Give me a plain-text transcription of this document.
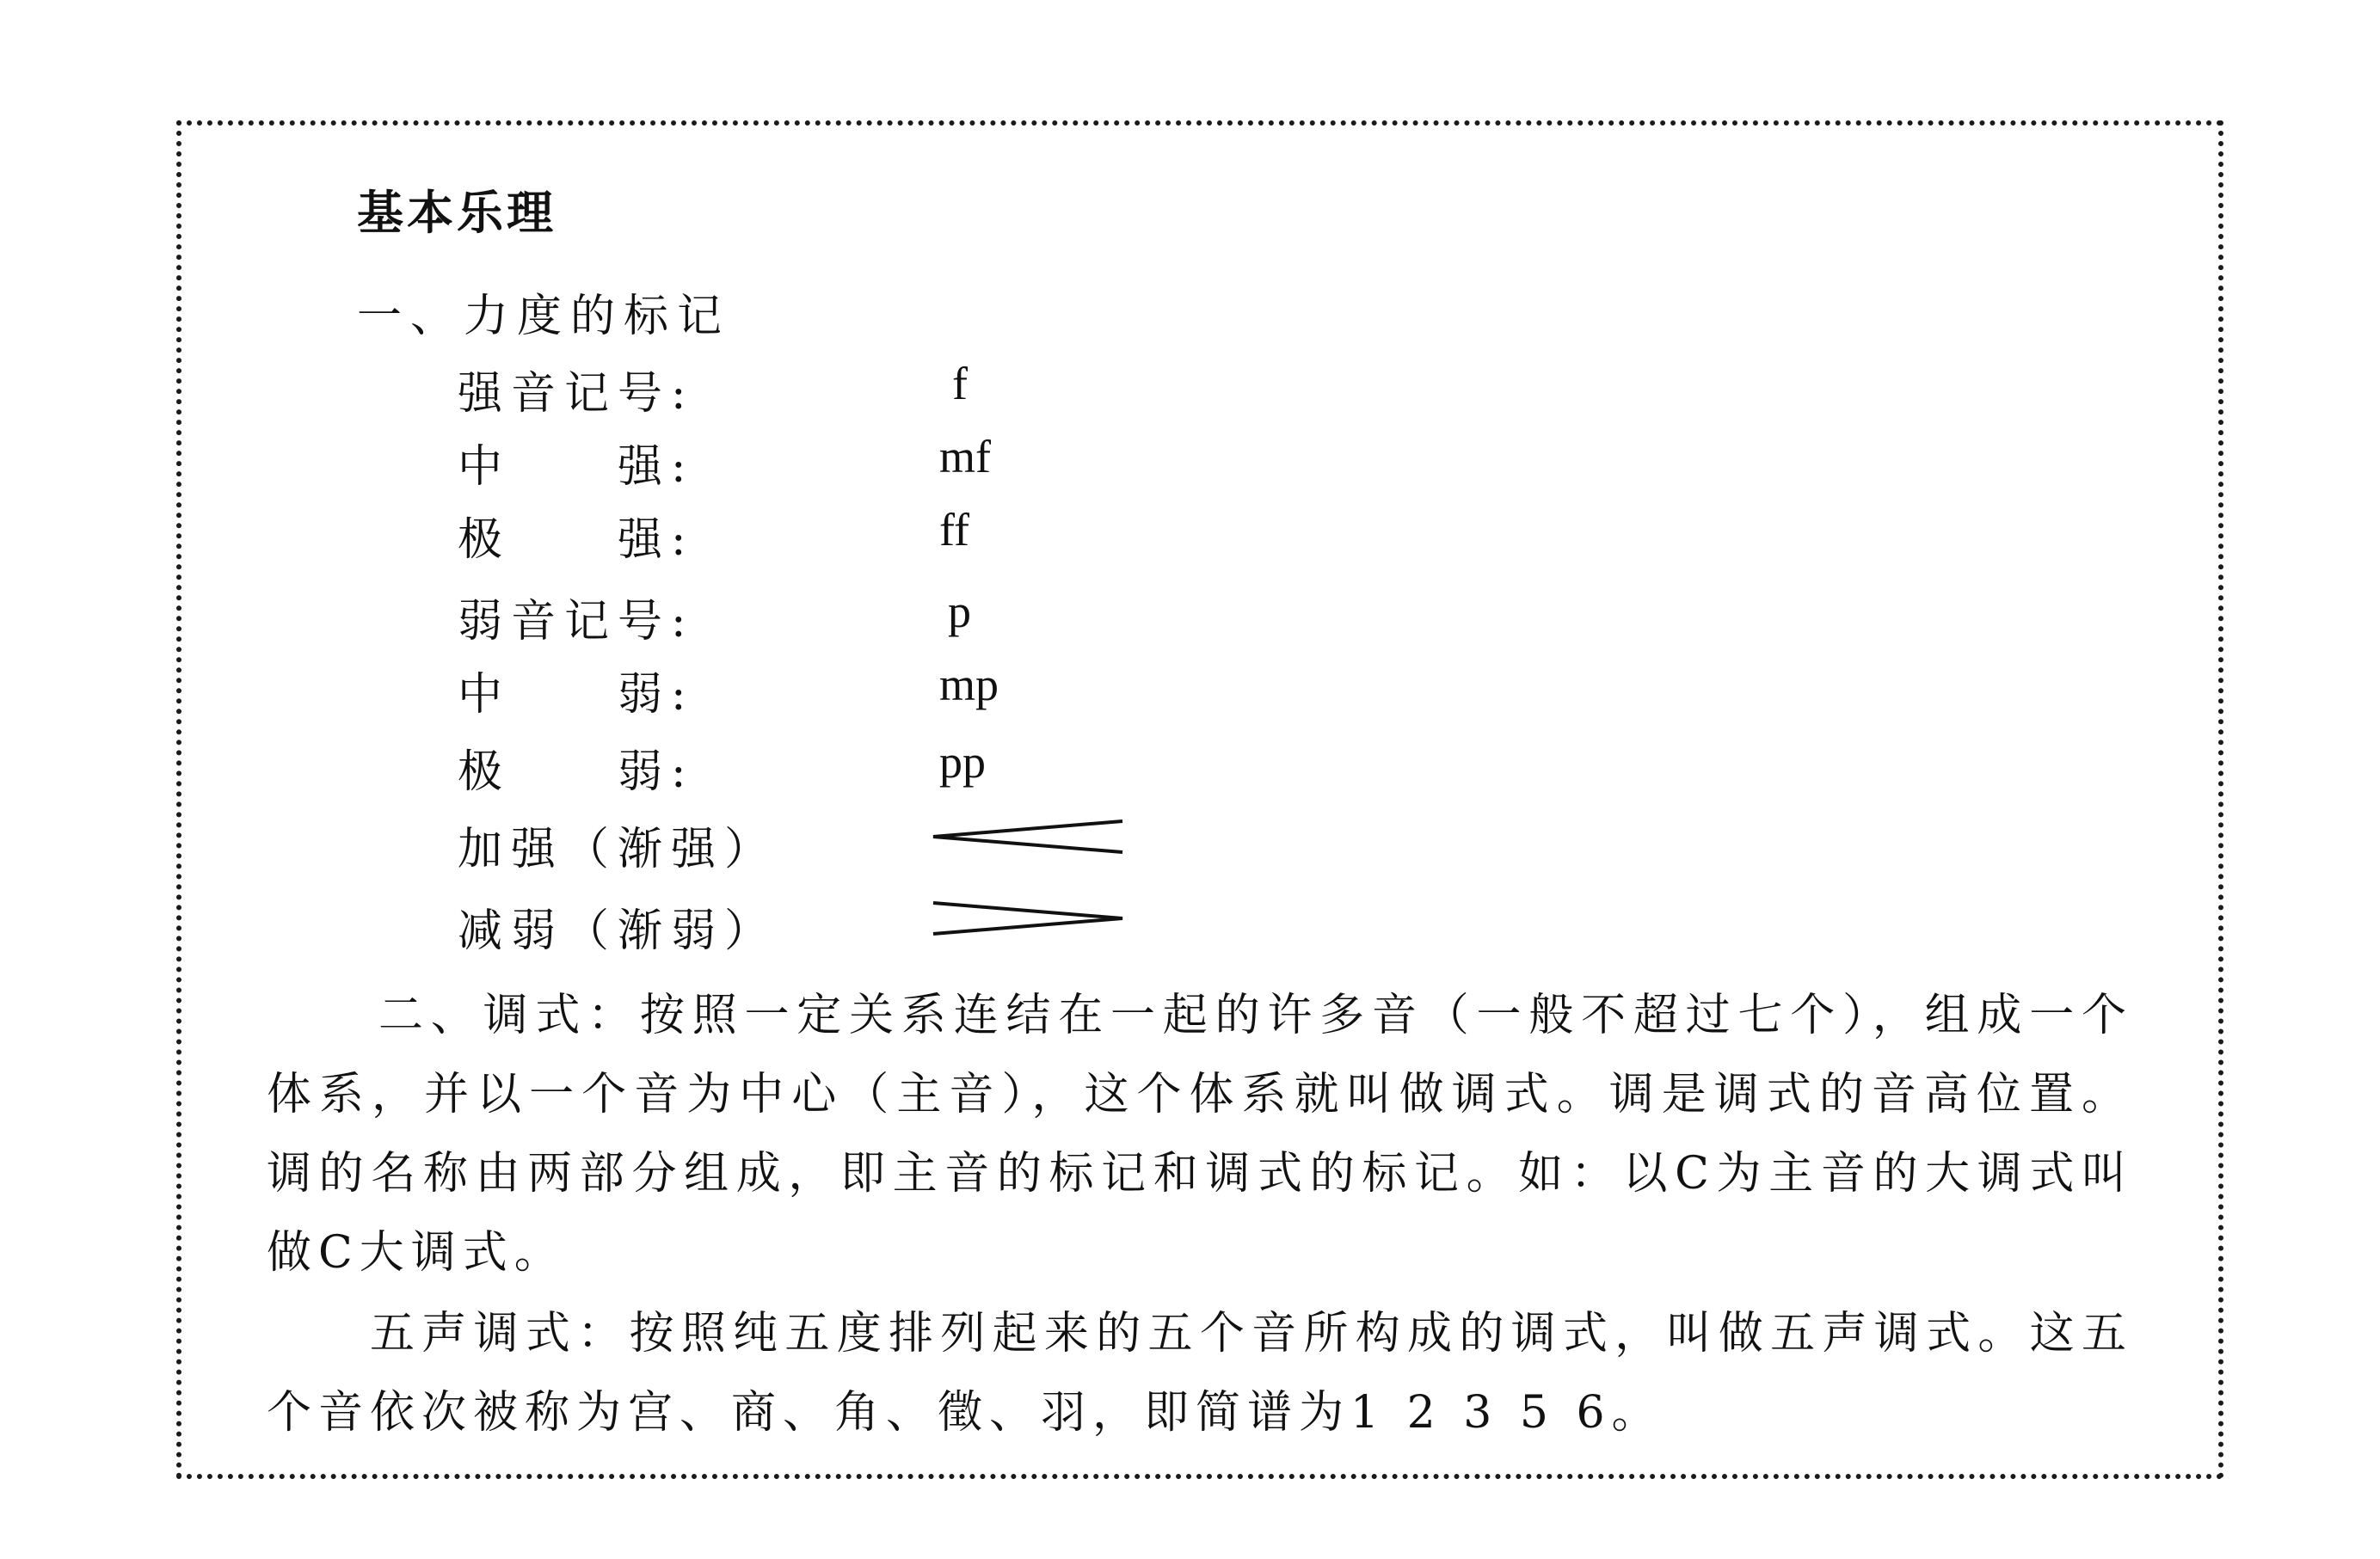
基本乐理
一、力度的标记
强音记号:	f
中　　强:	mf
极　　强:	ff
弱音记号:	p
中　　弱:	mp
极　　弱:	pp
加强（渐强）
减弱（渐弱）
二、调式：按照一定关系连结在一起的许多音（一般不超过七个），组成一个体系，并以一个音为中心（主音），这个体系就叫做调式。调是调式的音高位置。调的名称由两部分组成，即主音的标记和调式的标记。如：以C为主音的大调式叫做C大调式。
五声调式：按照纯五度排列起来的五个音所构成的调式，叫做五声调式。这五个音依次被称为宫、商、角、徵、羽，即简谱为1 2 3 5 6。
